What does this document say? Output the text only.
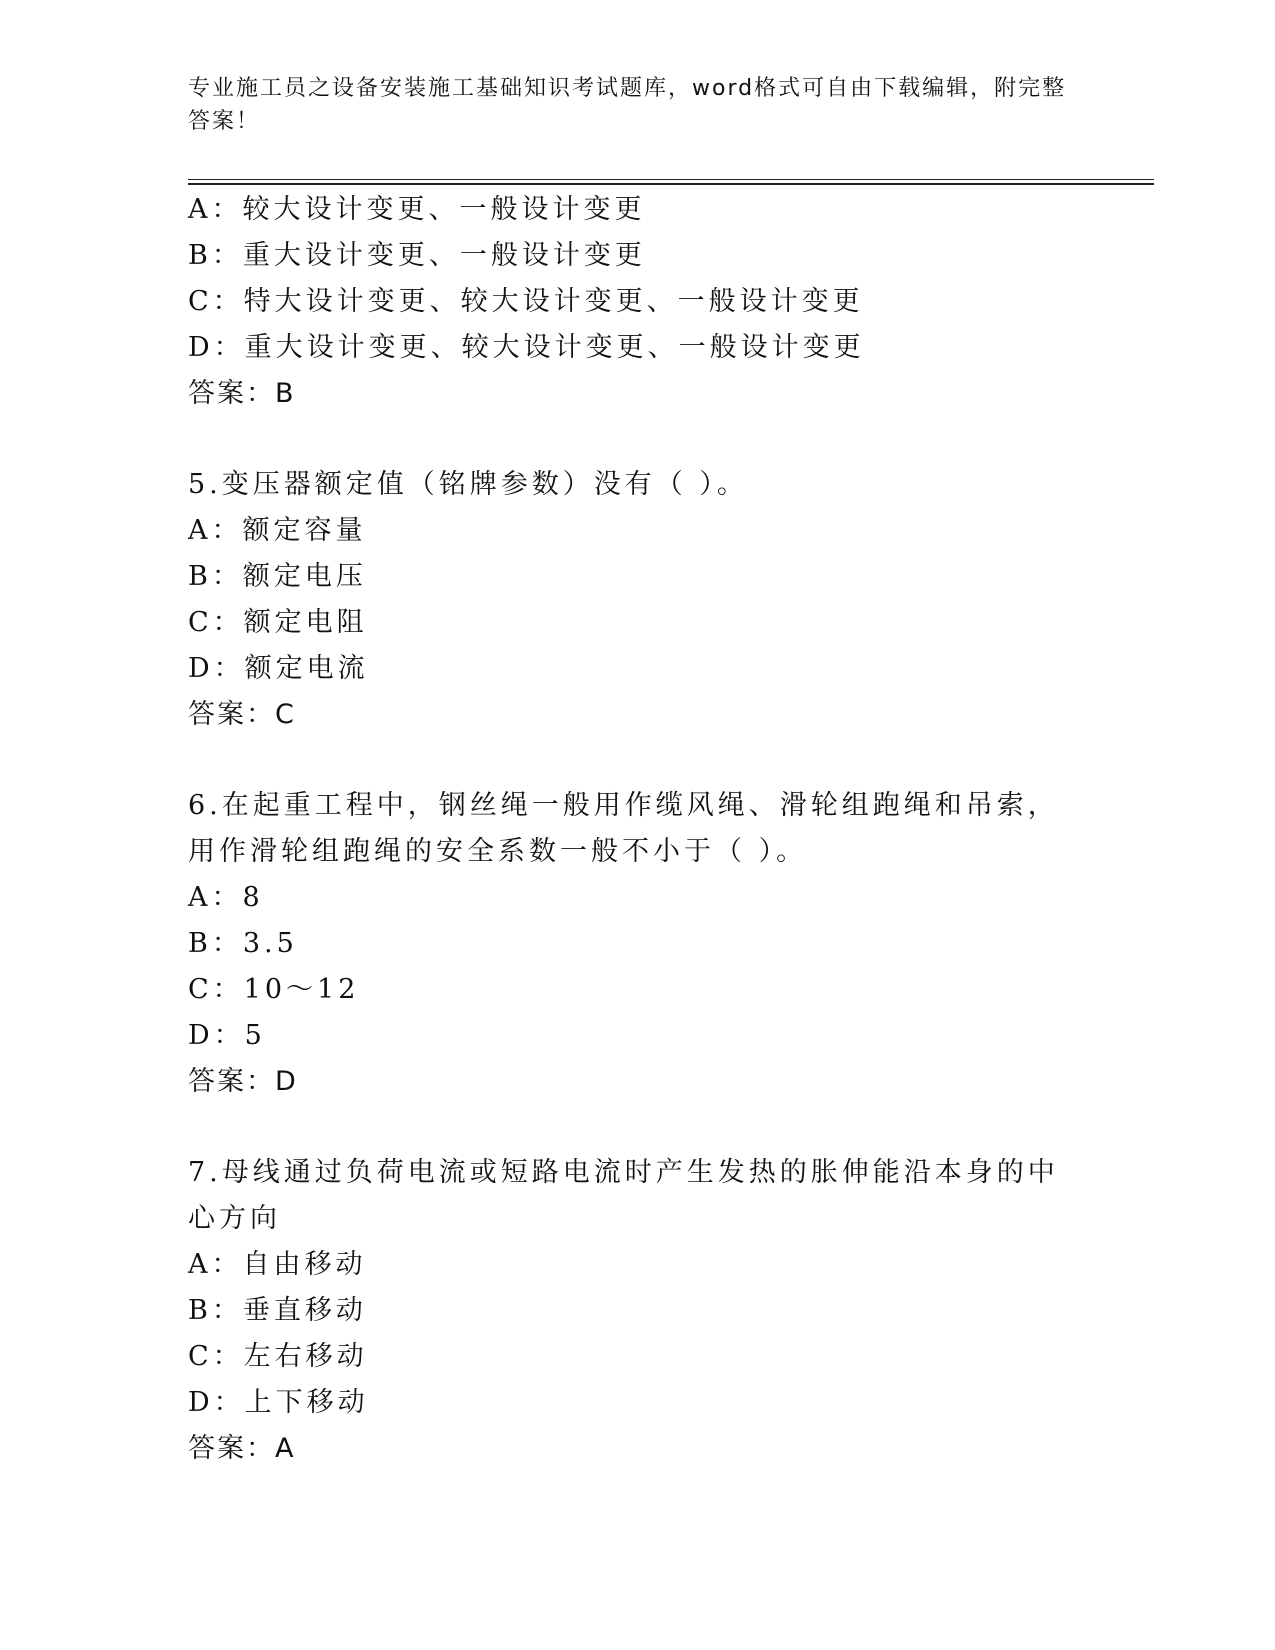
专业施工员之设备安装施工基础知识考试题库，word格式可自由下载编辑，附完整答案！
A：较大设计变更、一般设计变更
B：重大设计变更、一般设计变更
C：特大设计变更、较大设计变更、一般设计变更
D：重大设计变更、较大设计变更、一般设计变更
答案：B
5.变压器额定值（铭牌参数）没有（ ）。
A：额定容量
B：额定电压
C：额定电阻
D：额定电流
答案：C
6.在起重工程中，钢丝绳一般用作缆风绳、滑轮组跑绳和吊索，用作滑轮组跑绳的安全系数一般不小于（ ）。
A：8
B：3.5
C：10～12
D：5
答案：D
7.母线通过负荷电流或短路电流时产生发热的胀伸能沿本身的中心方向
A：自由移动
B：垂直移动
C：左右移动
D：上下移动
答案：A
